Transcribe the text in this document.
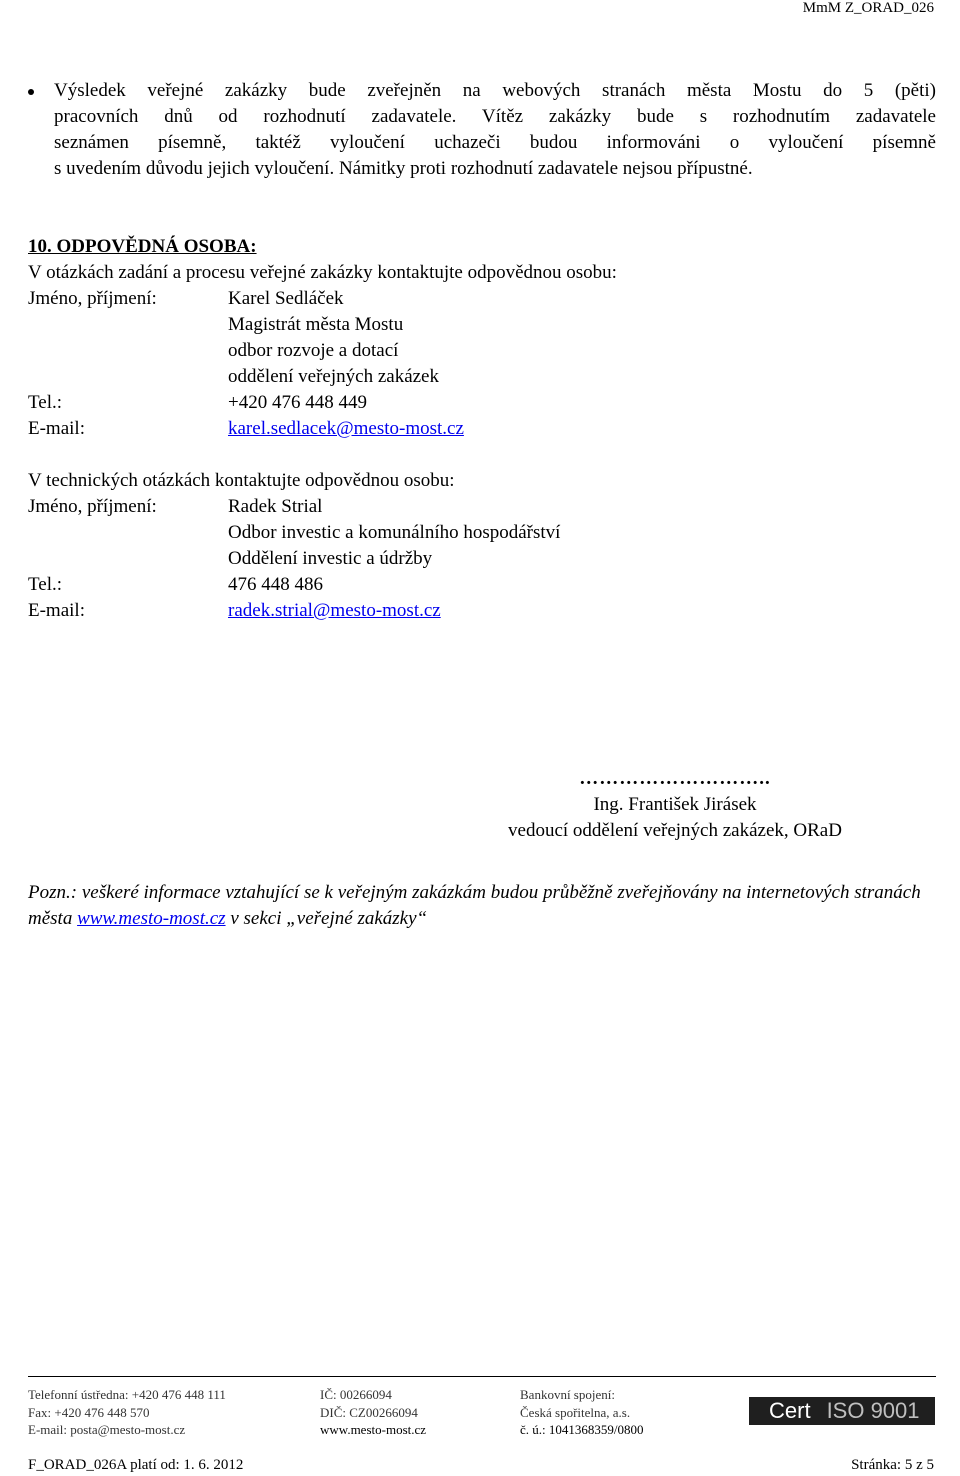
MmM Z_ORAD_026
Výsledek veřejné zakázky bude zveřejněn na webových stranách města Mostu do 5 (pěti)
pracovních dnů od rozhodnutí zadavatele. Vítěz zakázky bude s rozhodnutím zadavatele
seznámen písemně, taktéž vyloučení uchazeči budou informováni o vyloučení písemně
s uvedením důvodu jejich vyloučení. Námitky proti rozhodnutí zadavatele nejsou přípustné.
10. ODPOVĚDNÁ OSOBA:
V otázkách zadání a procesu veřejné zakázky kontaktujte odpovědnou osobu:
Jméno, příjmení:	Karel Sedláček
Magistrát města Mostu
odbor rozvoje a dotací
oddělení veřejných zakázek
Tel.:	+420 476 448 449
E-mail:	karel.sedlacek@mesto-most.cz
V technických otázkách kontaktujte odpovědnou osobu:
Jméno, příjmení:	Radek Strial
Odbor investic a komunálního hospodářství
Oddělení investic a údržby
Tel.:	476 448 486
E-mail:	radek.strial@mesto-most.cz
………………………..
Ing. František Jirásek
vedoucí oddělení veřejných zakázek, ORaD
Pozn.: veškeré informace vztahující se k veřejným zakázkám budou průběžně zveřejňovány na internetových stranách města www.mesto-most.cz v sekci „veřejné zakázky“
Telefonní ústředna: +420 476 448 111
Fax: +420 476 448 570
E-mail: posta@mesto-most.cz
IČ: 00266094
DIČ: CZ00266094
www.mesto-most.cz
Bankovní spojení:
Česká spořitelna, a.s.
č. ú.: 1041368359/0800
Cert ISO 9001
F_ORAD_026A platí od: 1. 6. 2012	Stránka: 5 z 5
